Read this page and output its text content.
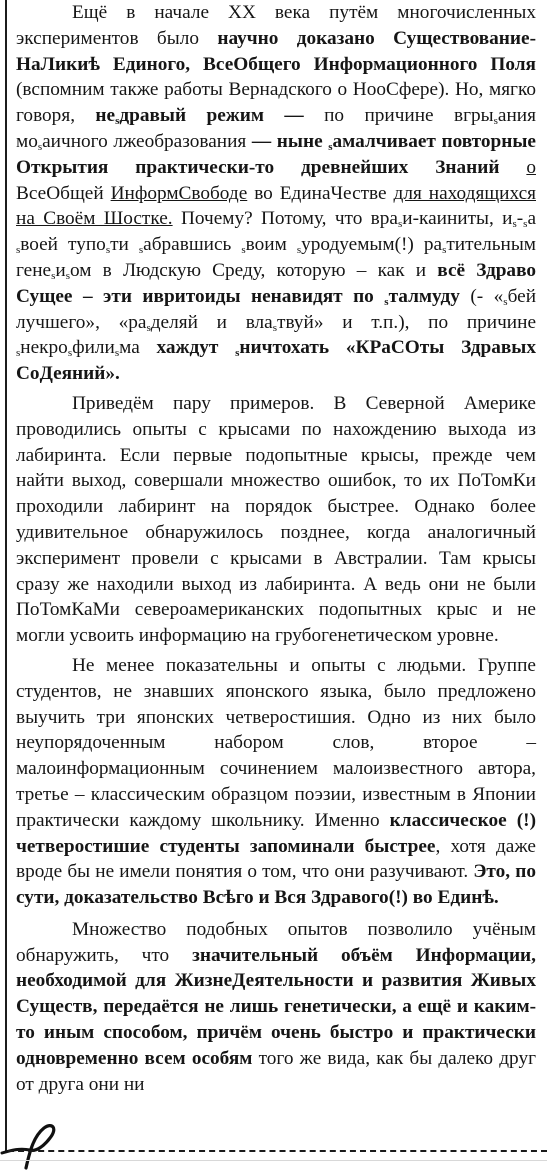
Ещё в начале ХХ века путём многочисленных экспериментов было научно доказано Существование-НаЛикиѣ Единого, ВсеОбщего Информационного Поля (вспомним также работы Вернадского о НооСфере). Но, мягко говоря, $не_sдравый$ режим — по причине вгры$_s$ания $мо_sаичного$ лжеобразования — ныне $_s$амалчивает повторные Открытия практически-то древнейших Знаний о ВсеОбщей ИнформСвободе во ЕдинаЧестве для находящихся на Своём Шостке. Почему? Потому, что вра$_s$и-каиниты, $и_s-_sа$ $_s$воей тупо$_s$ти $_s$абравшись $_s$воим $_s$уродуемым(!) $ра_sтительным$ $гене_sи_sом$ в Людскую Среду, которую – как и всё Здраво Сущее – эти ивритоиды ненавидят по $_s$талмуду (- «$_sбей$ лучшего», «$ра_sделяй$ и вла$_s$твуй» и т.п.), по причине $_s$некро$_s$фили$_s$ма хаждут $_s$ничтохать «КРаСОты Здравых СоДеяний».

Приведём пару примеров. В Северной Америке проводились опыты с крысами по нахождению выхода из лабиринта. Если первые подопытные крысы, прежде чем найти выход, совершали множество ошибок, то их ПоТомКи проходили лабиринт на порядок быстрее. Однако более удивительное обнаружилось позднее, когда аналогичный эксперимент провели с крысами в Австралии. Там крысы сразу же находили выход из лабиринта. А ведь они не были ПоТомКаМи североамериканских подопытных крыс и не могли усвоить информацию на грубогенетическом уровне.

Не менее показательны и опыты с людьми. Группе студентов, не знавших японского языка, было предложено выучить три японских четверостишия. Одно из них было неупорядоченным набором слов, второе – малоинформационным сочинением малоизвестного автора, третье – классическим образцом поэзии, известным в Японии практически каждому школьнику. Именно классическое (!) четверостишие студенты запоминали быстрее, хотя даже вроде бы не имели понятия о том, что они разучивают. Это, по сути, доказательство Всѣго и Вся Здравого(!) во Единѣ.

Множество подобных опытов позволило учёным обнаружить, что значительный объём Информации, необходимой для ЖизнеДеятельности и развития Живых Существ, передаётся не лишь генетически, а ещё и каким-то иным способом, причём очень быстро и практически одновременно всем особям того же вида, как бы далеко друг от друга они ни
